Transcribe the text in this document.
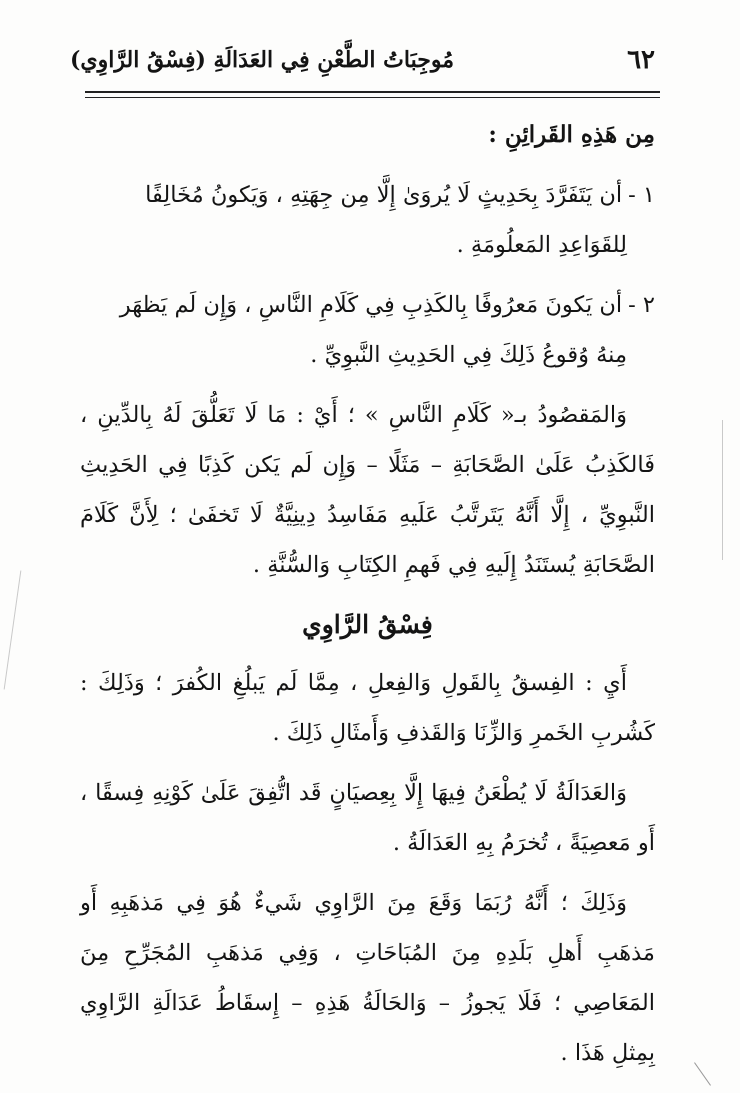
٦٢
مُوجِبَاتُ الطَّعْنِ فِي العَدَالَةِ (فِسْقُ الرَّاوِي)

مِن هَذِهِ القَرائِنِ :

١ -أن يَتَفَرَّدَ بِحَدِيثٍ لَا يُروَىٰ إِلَّا مِن جِهَتِهِ ، وَيَكونُ مُخَالِفًا
لِلقَوَاعِدِ المَعلُومَةِ .

٢ -أن يَكونَ مَعرُوفًا بِالكَذِبِ فِي كَلَامِ النَّاسِ ، وَإِن لَم يَظهَر
مِنهُ وُقوعُ ذَلِكَ فِي الحَدِيثِ النَّبوِيِّ .

وَالمَقصُودُ بـ« كَلَامِ النَّاسِ » ؛ أَيْ : مَا لَا تَعَلُّقَ لَهُ بِالدِّينِ ، فَالكَذِبُ عَلَىٰ الصَّحَابَةِ – مَثَلًا – وَإِن لَم يَكن كَذِبًا فِي الحَدِيثِ النَّبوِيِّ ، إِلَّا أَنَّهُ يَتَرتَّبُ عَلَيهِ مَفَاسِدُ دِينِيَّةٌ لَا تَخفَىٰ ؛ لِأَنَّ كَلَامَ الصَّحَابَةِ يُستَنَدُ إِلَيهِ فِي فَهمِ الكِتَابِ وَالسُّنَّةِ .

فِسْقُ الرَّاوِي

أَيِ : الفِسقُ بِالقَولِ وَالفِعلِ ، مِمَّا لَم يَبلُغِ الكُفرَ ؛ وَذَلِكَ : كَشُربِ الخَمرِ وَالزِّنَا وَالقَذفِ وَأَمثَالِ ذَلِكَ .

وَالعَدَالَةُ لَا يُطْعَنُ فِيهَا إِلَّا بِعِصيَانٍ قَد اتُّفِقَ عَلَىٰ كَوْنِهِ فِسقًا ، أَو مَعصِيَةً ، تُخرَمُ بِهِ العَدَالَةُ .

وَذَلِكَ ؛ أَنَّهُ رُبَمَا وَقَعَ مِنَ الرَّاوِي شَيءٌ هُوَ فِي مَذهَبِهِ أَو مَذهَبِ أَهلِ بَلَدِهِ مِنَ المُبَاحَاتِ ، وَفِي مَذهَبِ المُجَرِّحِ مِنَ المَعَاصِي ؛ فَلَا يَجوزُ – وَالحَالَةُ هَذِهِ – إِسقَاطُ عَدَالَةِ الرَّاوِي بِمِثلِ هَذَا .
